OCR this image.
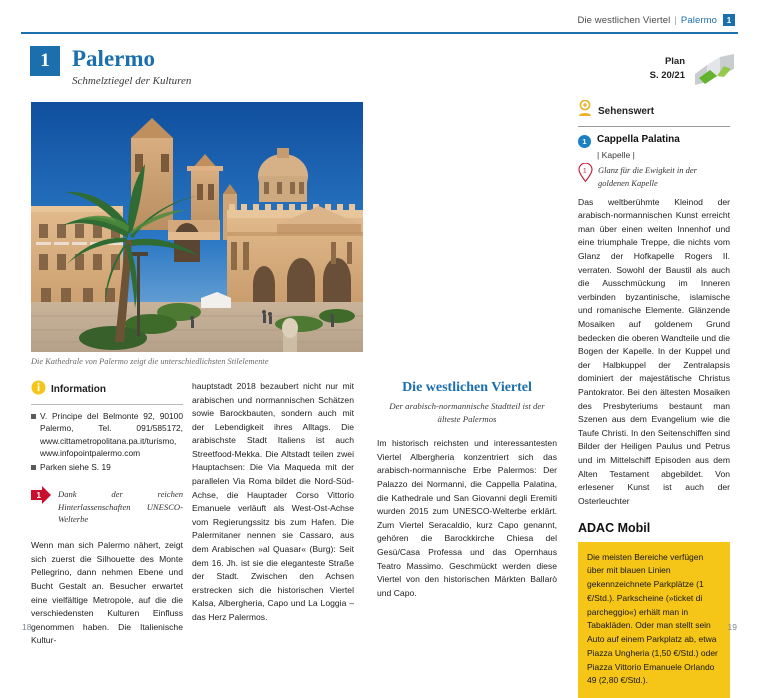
Die westlichen Viertel | Palermo	1
1 Palermo
Schmelztiegel der Kulturen
Plan
S. 20/21
Die Kathedrale von Palermo zeigt die unterschiedlichsten Stilelemente
Information
V. Principe del Belmonte 92, 90100 Palermo, Tel. 091/585172, www.cittametropolitana.pa.it/turismo, www.infopointpalermo.com
Parken siehe S. 19
1 Dank der reichen Hinterlassenschaften UNESCO-Welterbe

Wenn man sich Palermo nähert, zeigt sich zuerst die Silhouette des Monte Pellegrino, dann nehmen Ebene und Bucht Gestalt an. Besucher erwartet eine vielfältige Metropole, auf die die verschiedensten Kulturen Einfluss genommen haben. Die Italienische Kultur-

hauptstadt 2018 bezaubert nicht nur mit arabischen und normannischen Schätzen sowie Barockbauten, sondern auch mit der Lebendigkeit ihres Alltags. Die arabischste Stadt Italiens ist auch Streetfood-Mekka. Die Altstadt teilen zwei Hauptachsen: Die Via Maqueda mit der parallelen Via Roma bildet die Nord-Süd-Achse, die Hauptader Corso Vittorio Emanuele verläuft als West-Ost-Achse vom Regierungssitz bis zum Hafen. Die Palermitaner nennen sie Cassaro, aus dem Arabischen »al Quasar« (Burg): Seit dem 16. Jh. ist sie die eleganteste Straße der Stadt. Zwischen den Achsen erstrecken sich die historischen Viertel Kalsa, Albergheria, Capo und La Loggia – das Herz Palermos.

Die westlichen Viertel
Der arabisch-normannische Stadtteil ist der älteste Palermos

Im historisch reichsten und interessantesten Viertel Albergheria konzentriert sich das arabisch-normannische Erbe Palermos: Der Palazzo dei Normanni, die Cappella Palatina, die Kathedrale und San Giovanni degli Eremiti wurden 2015 zum UNESCO-Welterbe erklärt. Zum Viertel Seracaldio, kurz Capo genannt, gehören die Barockkirche Chiesa del Gesù/Casa Professa und das Opernhaus Teatro Massimo. Geschmückt werden diese Viertel von den historischen Märkten Ballarò und Capo.

Sehenswert
1	Cappella Palatina
| Kapelle |
1 Glanz für die Ewigkeit in der goldenen Kapelle
Das weltberühmte Kleinod der arabisch-normannischen Kunst erreicht man über einen weiten Innenhof und eine triumphale Treppe, die nichts vom Glanz der Hofkapelle Rogers II. verraten. Sowohl der Baustil als auch die Ausschmückung im Inneren verbinden byzantinische, islamische und romanische Elemente. Glänzende Mosaiken auf goldenem Grund bedecken die oberen Wandteile und die Bogen der Kapelle. In der Kuppel und der Halbkuppel der Zentralapsis dominiert der majestätische Christus Pantokrator. Bei den ältesten Mosaiken des Presbyteriums bestaunt man Szenen aus dem Evangelium wie die Taufe Christi. In den Seitenschiffen sind Bilder der Heiligen Paulus und Petrus und im Mittelschiff Episoden aus dem Alten Testament abgebildet. Von erlesener Kunst ist auch der Osterleuchter
ADAC Mobil
Die meisten Bereiche verfügen über mit blauen Linien gekennzeichnete Parkplätze (1 €/Std.). Parkscheine (»ticket di parcheggio«) erhält man in Tabakläden. Oder man stellt sein Auto auf einem Parkplatz ab, etwa Piazza Ungheria (1,50 €/Std.) oder Piazza Vittorio Emanuele Orlando 49 (2,80 €/Std.).
18	19
